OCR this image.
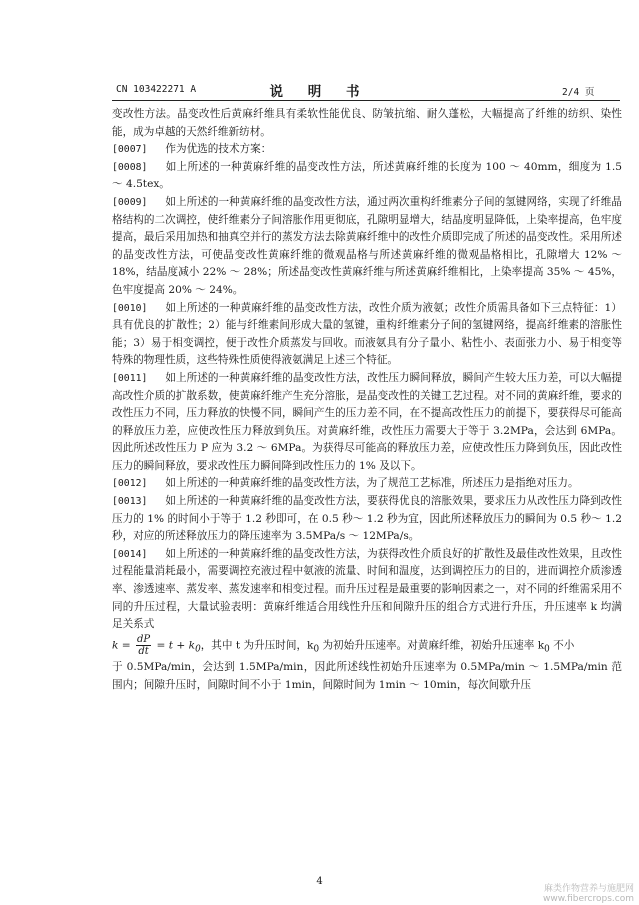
CN 103422271 A	说 明 书	2/4 页

变改性方法。晶变改性后黄麻纤维具有柔软性能优良、防皱抗缩、耐久蓬松，大幅提高了纤维的纺织、染性能，成为卓越的天然纤维新纺材。

[0007] 作为优选的技术方案：

[0008] 如上所述的一种黄麻纤维的晶变改性方法，所述黄麻纤维的长度为 100 ～ 40mm，细度为 1.5 ～ 4.5tex。

[0009] 如上所述的一种黄麻纤维的晶变改性方法，通过两次重构纤维素分子间的氢键网络，实现了纤维晶格结构的二次调控，使纤维素分子间溶胀作用更彻底，孔隙明显增大，结晶度明显降低，上染率提高，色牢度提高，最后采用加热和抽真空并行的蒸发方法去除黄麻纤维中的改性介质即完成了所述的晶变改性。采用所述的晶变改性方法，可使晶变改性黄麻纤维的微观晶格与所述黄麻纤维的微观晶格相比，孔隙增大 12% ～ 18%，结晶度减小 22% ～ 28%；所述晶变改性黄麻纤维与所述黄麻纤维相比，上染率提高 35% ～ 45%，色牢度提高 20% ～ 24%。

[0010] 如上所述的一种黄麻纤维的晶变改性方法，改性介质为液氨；改性介质需具备如下三点特征：1）具有优良的扩散性；2）能与纤维素间形成大量的氢键，重构纤维素分子间的氢键网络，提高纤维素的溶胀性能；3）易于相变调控，便于改性介质蒸发与回收。而液氨具有分子量小、粘性小、表面张力小、易于相变等特殊的物理性质，这些特殊性质使得液氨满足上述三个特征。

[0011] 如上所述的一种黄麻纤维的晶变改性方法，改性压力瞬间释放，瞬间产生较大压力差，可以大幅提高改性介质的扩散系数，使黄麻纤维产生充分溶胀，是晶变改性的关键工艺过程。对不同的黄麻纤维，要求的改性压力不同，压力释放的快慢不同，瞬间产生的压力差不同，在不提高改性压力的前提下，要获得尽可能高的释放压力差，应使改性压力释放到负压。对黄麻纤维，改性压力需要大于等于 3.2MPa，会达到 6MPa。因此所述改性压力 P 应为 3.2 ～ 6MPa。为获得尽可能高的释放压力差，应使改性压力降到负压，因此改性压力的瞬间释放，要求改性压力瞬间降到改性压力的 1% 及以下。

[0012] 如上所述的一种黄麻纤维的晶变改性方法，为了规范工艺标准，所述压力是指绝对压力。

[0013] 如上所述的一种黄麻纤维的晶变改性方法，要获得优良的溶胀效果，要求压力从改性压力降到改性压力的 1% 的时间小于等于 1.2 秒即可，在 0.5 秒～ 1.2 秒为宜，因此所述释放压力的瞬间为 0.5 秒～ 1.2 秒，对应的所述释放压力的降压速率为 3.5MPa/s ～ 12MPa/s。

[0014] 如上所述的一种黄麻纤维的晶变改性方法，为获得改性介质良好的扩散性及最佳改性效果，且改性过程能量消耗最小，需要调控充液过程中氨液的流量、时间和温度，达到调控压力的目的，进而调控介质渗透率、渗透速率、蒸发率、蒸发速率和相变过程。而升压过程是最重要的影响因素之一，对不同的纤维需采用不同的升压过程，大量试验表明：黄麻纤维适合用线性升压和间隙升压的组合方式进行升压，升压速率 k 均满足关系式

$k = \frac{dP}{dt} = t + k_0$，其中 t 为升压时间，$k_0$ 为初始升压速率。对黄麻纤维，初始升压速率 $k_0$ 不小

于 0.5MPa/min，会达到 1.5MPa/min，因此所述线性初始升压速率为 0.5MPa/min ～ 1.5MPa/min 范围内；间隙升压时，间隙时间不小于 1min，间隙时间为 1min ～ 10min，每次间歇升压

4
麻类作物营养与施肥网
www.fibercrops.com
